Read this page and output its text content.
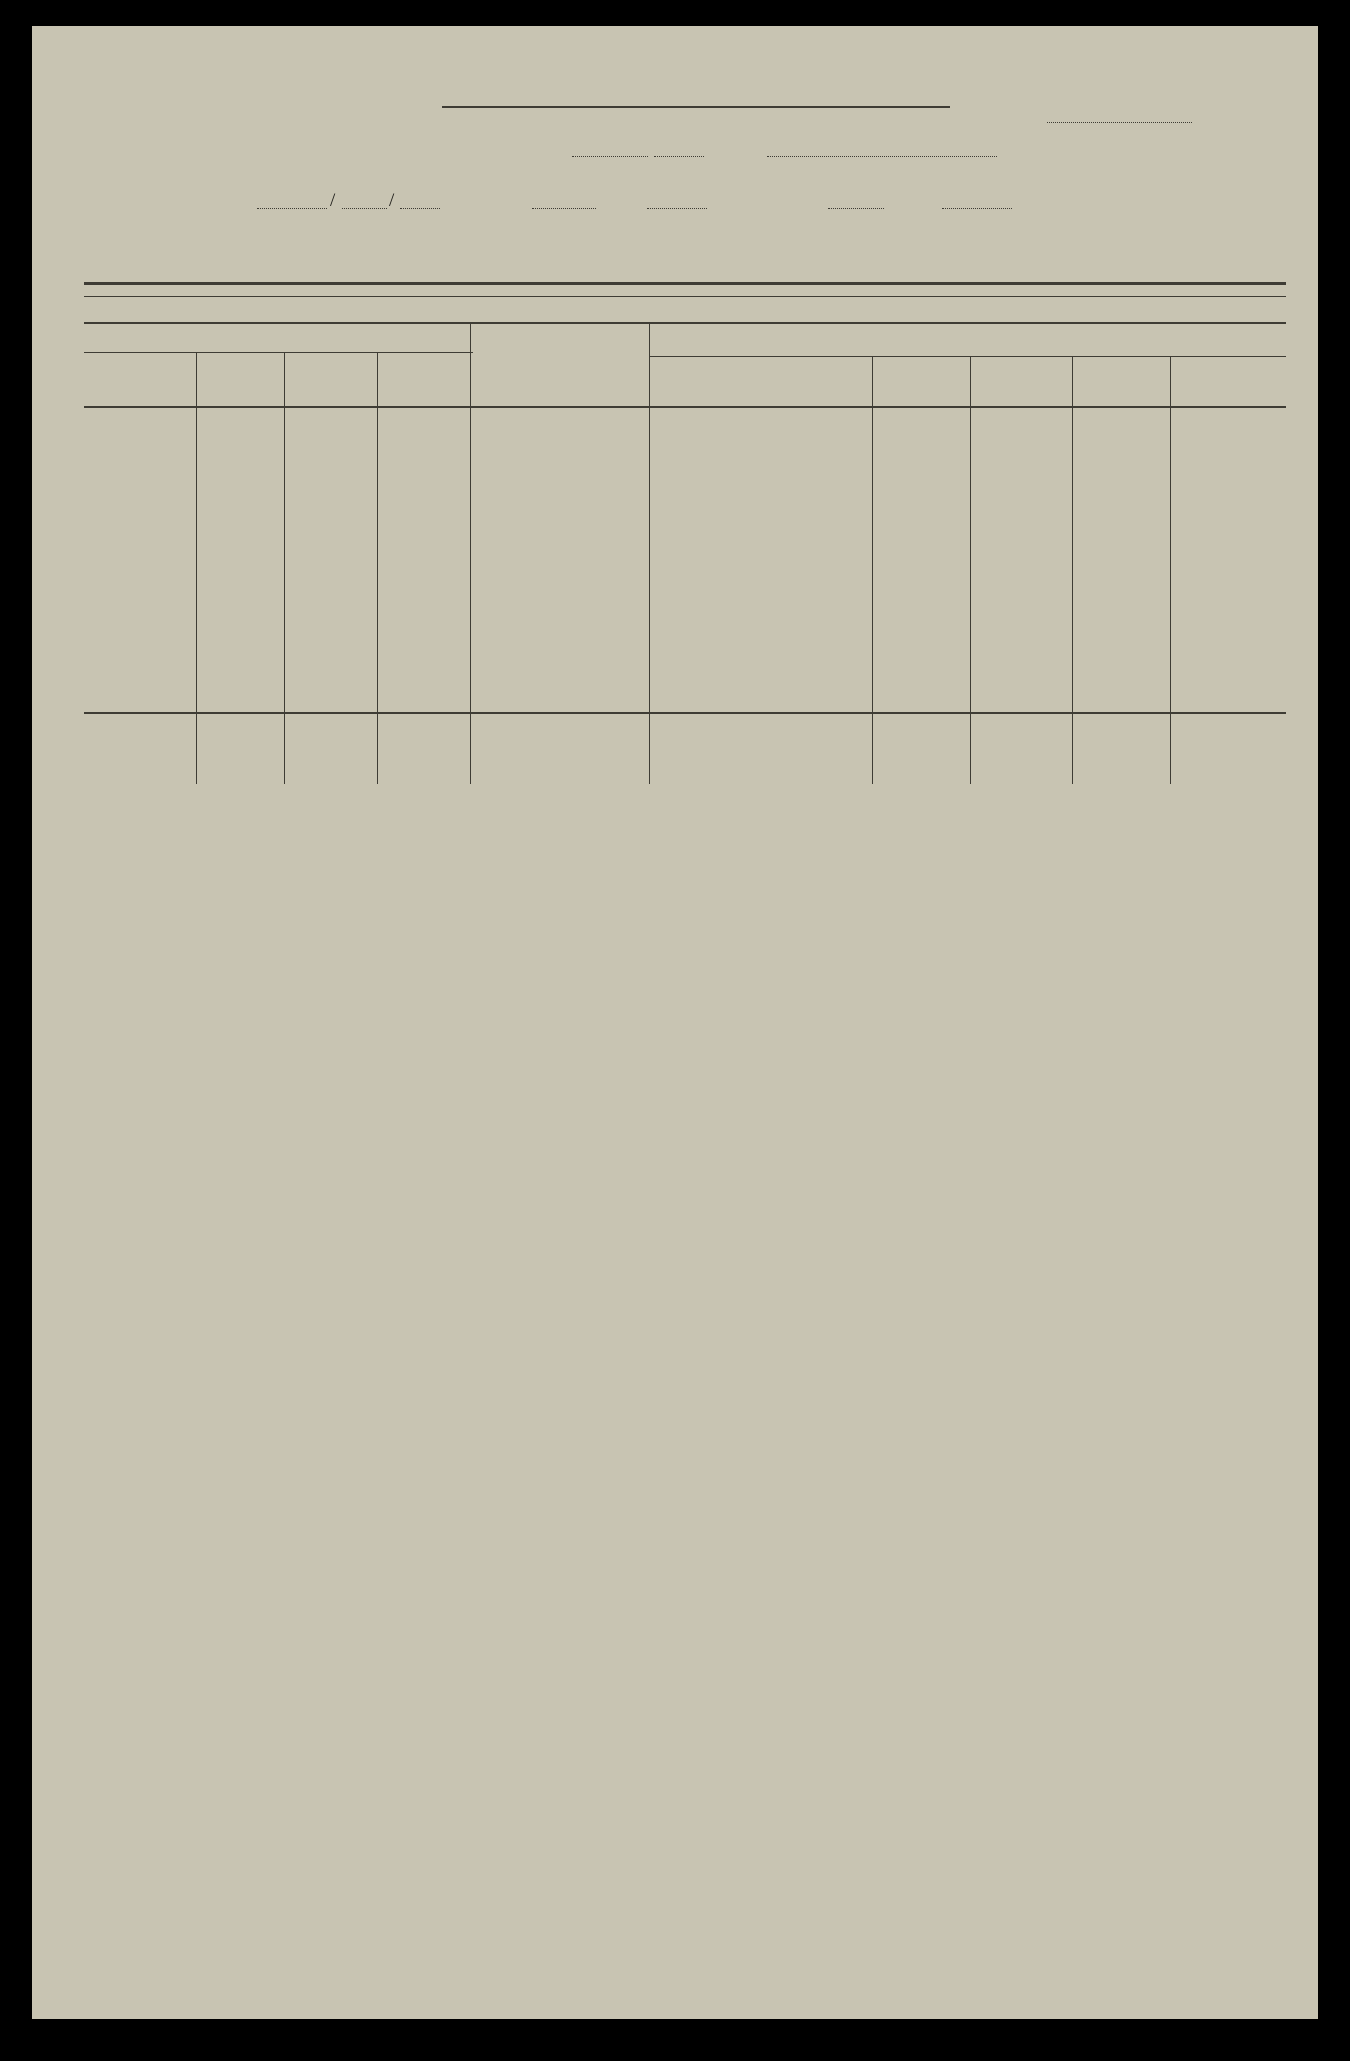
/	/
